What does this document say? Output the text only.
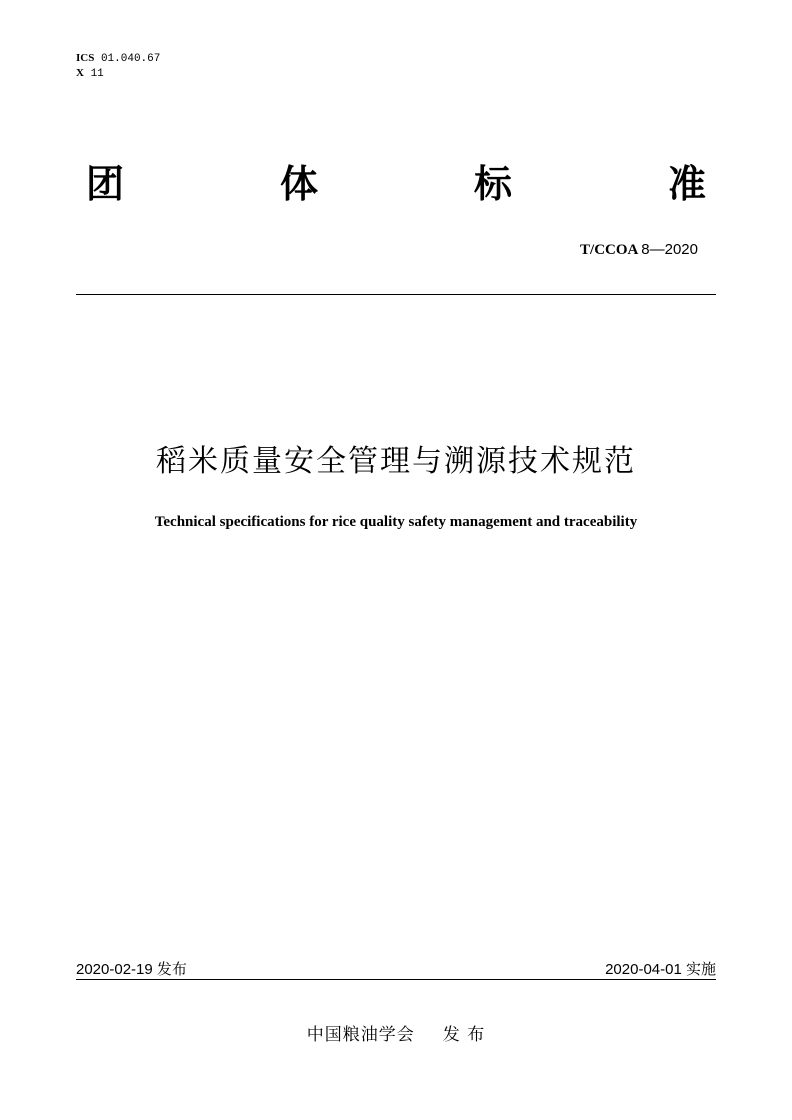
ICS 01.040.67
X 11
团	体	标	准
T/CCOA 8—2020
稻米质量安全管理与溯源技术规范
Technical specifications for rice quality safety management and traceability
2020-02-19 发布	2020-04-01 实施
中国粮油学会 发 布
